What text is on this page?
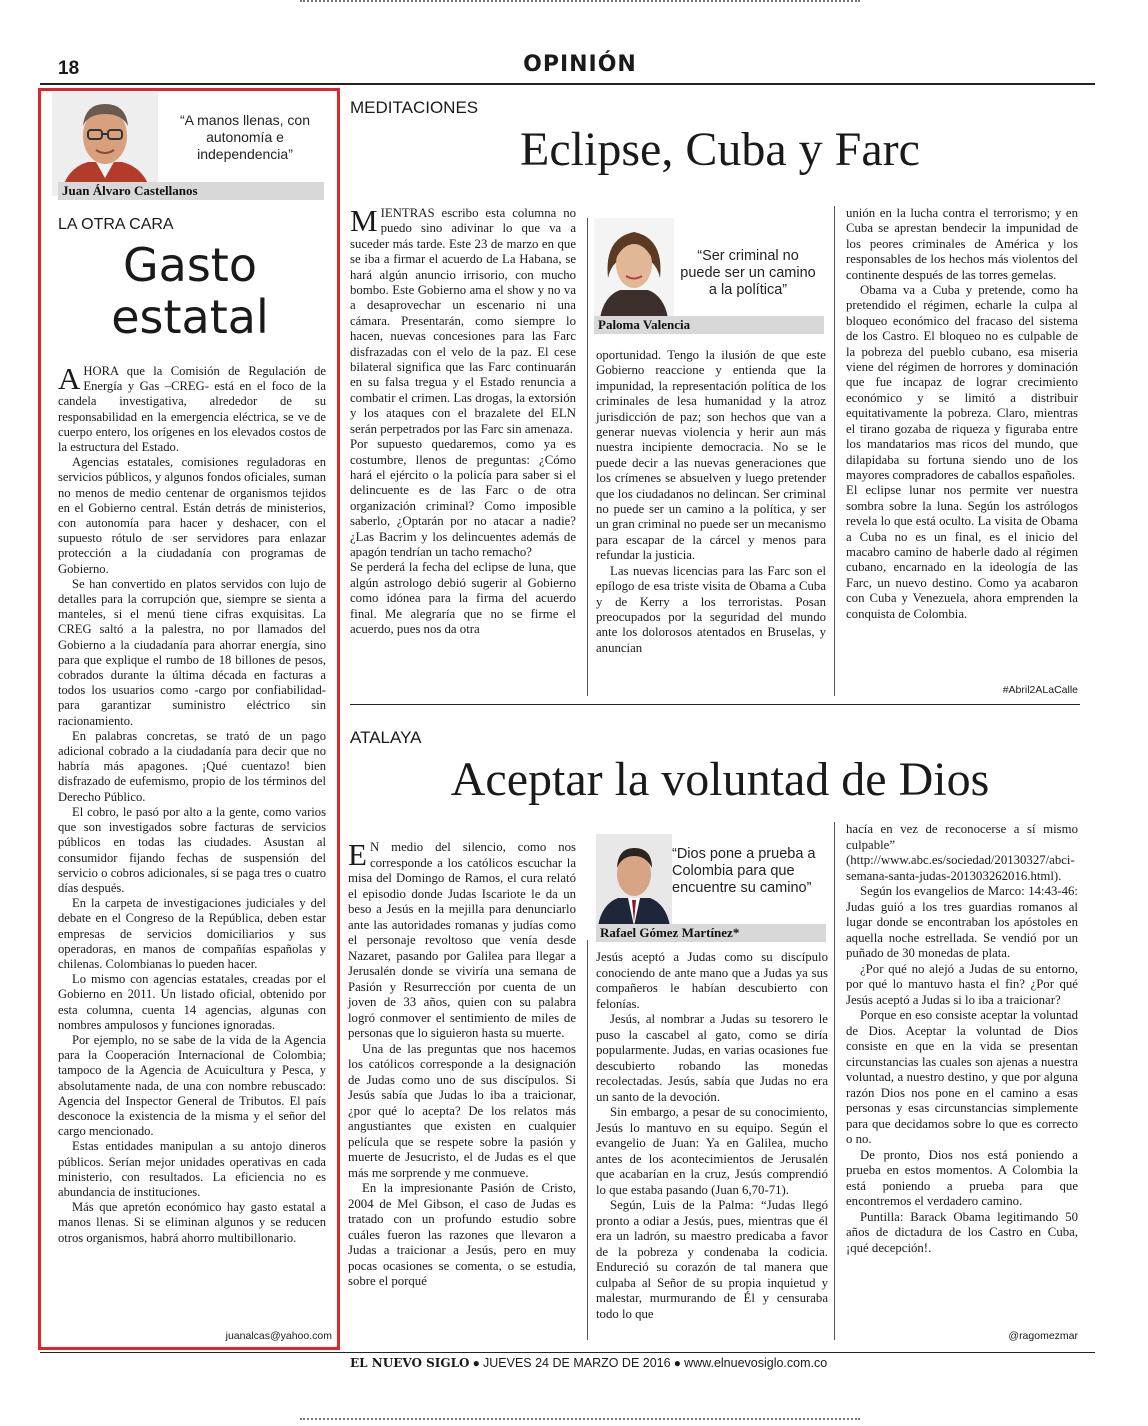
18	OPINIÓN
“A manos llenas, con autonomía e independencia”
Juan Álvaro Castellanos
LA OTRA CARA
Gasto
estatal

AHORA que la Comisión de Regulación de Energía y Gas –CREG- está en el foco de la candela investigativa, alrededor de su responsabilidad en la emergencia eléctrica, se ve de cuerpo entero, los orígenes en los elevados costos de la estructura del Estado.

Agencias estatales, comisiones reguladoras en servicios públicos, y algunos fondos oficiales, suman no menos de medio centenar de organismos tejidos en el Gobierno central. Están detrás de ministerios, con autonomía para hacer y deshacer, con el supuesto rótulo de ser servidores para enlazar protección a la ciudadanía con programas de Gobierno.

Se han convertido en platos servidos con lujo de detalles para la corrupción que, siempre se sienta a manteles, si el menú tiene cifras exquisitas. La CREG saltó a la palestra, no por llamados del Gobierno a la ciudadanía para ahorrar energía, sino para que explique el rumbo de 18 billones de pesos, cobrados durante la última década en facturas a todos los usuarios como -cargo por confiabilidad- para garantizar suministro eléctrico sin racionamiento.

En palabras concretas, se trató de un pago adicional cobrado a la ciudadanía para decir que no habría más apagones. ¡Qué cuentazo! bien disfrazado de eufemismo, propio de los términos del Derecho Público.

El cobro, le pasó por alto a la gente, como varios que son investigados sobre facturas de servicios públicos en todas las ciudades. Asustan al consumidor fijando fechas de suspensión del servicio o cobros adicionales, si se paga tres o cuatro días después.

En la carpeta de investigaciones judiciales y del debate en el Congreso de la República, deben estar empresas de servicios domiciliarios y sus operadoras, en manos de compañías españolas y chilenas. Colombianas lo pueden hacer.

Lo mismo con agencias estatales, creadas por el Gobierno en 2011. Un listado oficial, obtenido por esta columna, cuenta 14 agencias, algunas con nombres ampulosos y funciones ignoradas.

Por ejemplo, no se sabe de la vida de la Agencia para la Cooperación Internacional de Colombia; tampoco de la Agencia de Acuicultura y Pesca, y absolutamente nada, de una con nombre rebuscado: Agencia del Inspector General de Tributos. El país desconoce la existencia de la misma y el señor del cargo mencionado.

Estas entidades manipulan a su antojo dineros públicos. Serían mejor unidades operativas en cada ministerio, con resultados. La eficiencia no es abundancia de instituciones.

Más que apretón económico hay gasto estatal a manos llenas. Si se eliminan algunos y se reducen otros organismos, habrá ahorro multibillonario.

juanalcas@yahoo.com
MEDITACIONES
Eclipse, Cuba y Farc

MIENTRAS escribo esta columna no puedo sino adivinar lo que va a suceder más tarde. Este 23 de marzo en que se iba a firmar el acuerdo de La Habana, se hará algún anuncio irrisorio, con mucho bombo. Este Gobierno ama el show y no va a desaprovechar un escenario ni una cámara. Presentarán, como siempre lo hacen, nuevas concesiones para las Farc disfrazadas con el velo de la paz. El cese bilateral significa que las Farc continuarán en su falsa tregua y el Estado renuncia a combatir el crimen. Las drogas, la extorsión y los ataques con el brazalete del ELN serán perpetrados por las Farc sin amenaza.

Por supuesto quedaremos, como ya es costumbre, llenos de preguntas: ¿Cómo hará el ejército o la policía para saber si el delincuente es de las Farc o de otra organización criminal? Como imposible saberlo, ¿Optarán por no atacar a nadie? ¿Las Bacrim y los delincuentes además de apagón tendrían un tacho remacho?

Se perderá la fecha del eclipse de luna, que algún astrologo debió sugerir al Gobierno como idónea para la firma del acuerdo final. Me alegraría que no se firme el acuerdo, pues nos da otra

“Ser criminal no puede ser un camino a la política”
Paloma Valencia

oportunidad. Tengo la ilusión de que este Gobierno reaccione y entienda que la impunidad, la representación política de los criminales de lesa humanidad y la atroz jurisdicción de paz; son hechos que van a generar nuevas violencia y herir aun más nuestra incipiente democracia. No se le puede decir a las nuevas generaciones que los crímenes se absuelven y luego pretender que los ciudadanos no delincan. Ser criminal no puede ser un camino a la política, y ser un gran criminal no puede ser un mecanismo para escapar de la cárcel y menos para refundar la justicia.

Las nuevas licencias para las Farc son el epílogo de esa triste visita de Obama a Cuba y de Kerry a los terroristas. Posan preocupados por la seguridad del mundo ante los dolorosos atentados en Bruselas, y anuncian

unión en la lucha contra el terrorismo; y en Cuba se aprestan bendecir la impunidad de los peores criminales de América y los responsables de los hechos más violentos del continente después de las torres gemelas.

Obama va a Cuba y pretende, como ha pretendido el régimen, echarle la culpa al bloqueo económico del fracaso del sistema de los Castro. El bloqueo no es culpable de la pobreza del pueblo cubano, esa miseria viene del régimen de horrores y dominación que fue incapaz de lograr crecimiento económico y se limitó a distribuir equitativamente la pobreza. Claro, mientras el tirano gozaba de riqueza y figuraba entre los mandatarios mas ricos del mundo, que dilapidaba su fortuna siendo uno de los mayores compradores de caballos españoles.

El eclipse lunar nos permite ver nuestra sombra sobre la luna. Según los astrólogos revela lo que está oculto. La visita de Obama a Cuba no es un final, es el inicio del macabro camino de haberle dado al régimen cubano, encarnado en la ideología de las Farc, un nuevo destino. Como ya acabaron con Cuba y Venezuela, ahora emprenden la conquista de Colombia.

#Abril2ALaCalle
ATALAYA
Aceptar la voluntad de Dios

E N medio del silencio, como nos corresponde a los católicos escuchar la misa del Domingo de Ramos, el cura relató el episodio donde Judas Iscariote le da un beso a Jesús en la mejilla para denunciarlo ante las autoridades romanas y judías como el personaje revoltoso que venía desde Nazaret, pasando por Galilea para llegar a Jerusalén donde se viviría una semana de Pasión y Resurrección por cuenta de un joven de 33 años, quien con su palabra logró conmover el sentimiento de miles de personas que lo siguieron hasta su muerte.

Una de las preguntas que nos hacemos los católicos corresponde a la designación de Judas como uno de sus discípulos. Si Jesús sabía que Judas lo iba a traicionar, ¿por qué lo acepta? De los relatos más angustiantes que existen en cualquier película que se respete sobre la pasión y muerte de Jesucristo, el de Judas es el que más me sorprende y me conmueve.

En la impresionante Pasión de Cristo, 2004 de Mel Gibson, el caso de Judas es tratado con un profundo estudio sobre cuáles fueron las razones que llevaron a Judas a traicionar a Jesús, pero en muy pocas ocasiones se comenta, o se estudia, sobre el porqué

“Dios pone a prueba a Colombia para que encuentre su camino”
Rafael Gómez Martínez*

Jesús aceptó a Judas como su discípulo conociendo de ante mano que a Judas ya sus compañeros le habían descubierto con felonías.

Jesús, al nombrar a Judas su tesorero le puso la cascabel al gato, como se diría popularmente. Judas, en varias ocasiones fue descubierto robando las monedas recolectadas. Jesús, sabía que Judas no era un santo de la devoción.

Sin embargo, a pesar de su conocimiento, Jesús lo mantuvo en su equipo. Según el evangelio de Juan: Ya en Galilea, mucho antes de los acontecimientos de Jerusalén que acabarían en la cruz, Jesús comprendió lo que estaba pasando (Juan 6,70-71).

Según, Luis de la Palma: “Judas llegó pronto a odiar a Jesús, pues, mientras que él era un ladrón, su maestro predicaba a favor de la pobreza y condenaba la codicia. Endureció su corazón de tal manera que culpaba al Señor de su propia inquietud y malestar, murmurando de Él y censuraba todo lo que

hacía en vez de reconocerse a sí mismo culpable” (http://www.abc.es/sociedad/20130327/abci-semana-santa-judas-201303262016.html).

Según los evangelios de Marco: 14:43-46: Judas guió a los tres guardias romanos al lugar donde se encontraban los apóstoles en aquella noche estrellada. Se vendió por un puñado de 30 monedas de plata.

¿Por qué no alejó a Judas de su entorno, por qué lo mantuvo hasta el fin? ¿Por qué Jesús aceptó a Judas si lo iba a traicionar?

Porque en eso consiste aceptar la voluntad de Dios. Aceptar la voluntad de Dios consiste en que en la vida se presentan circunstancias las cuales son ajenas a nuestra voluntad, a nuestro destino, y que por alguna razón Dios nos pone en el camino a esas personas y esas circunstancias simplemente para que decidamos sobre lo que es correcto o no.

De pronto, Dios nos está poniendo a prueba en estos momentos. A Colombia la está poniendo a prueba para que encontremos el verdadero camino.

Puntilla: Barack Obama legitimando 50 años de dictadura de los Castro en Cuba, ¡qué decepción!.

@ragomezmar
EL NUEVO SIGLO ● JUEVES 24 DE MARZO DE 2016 ● www.elnuevosiglo.com.co
